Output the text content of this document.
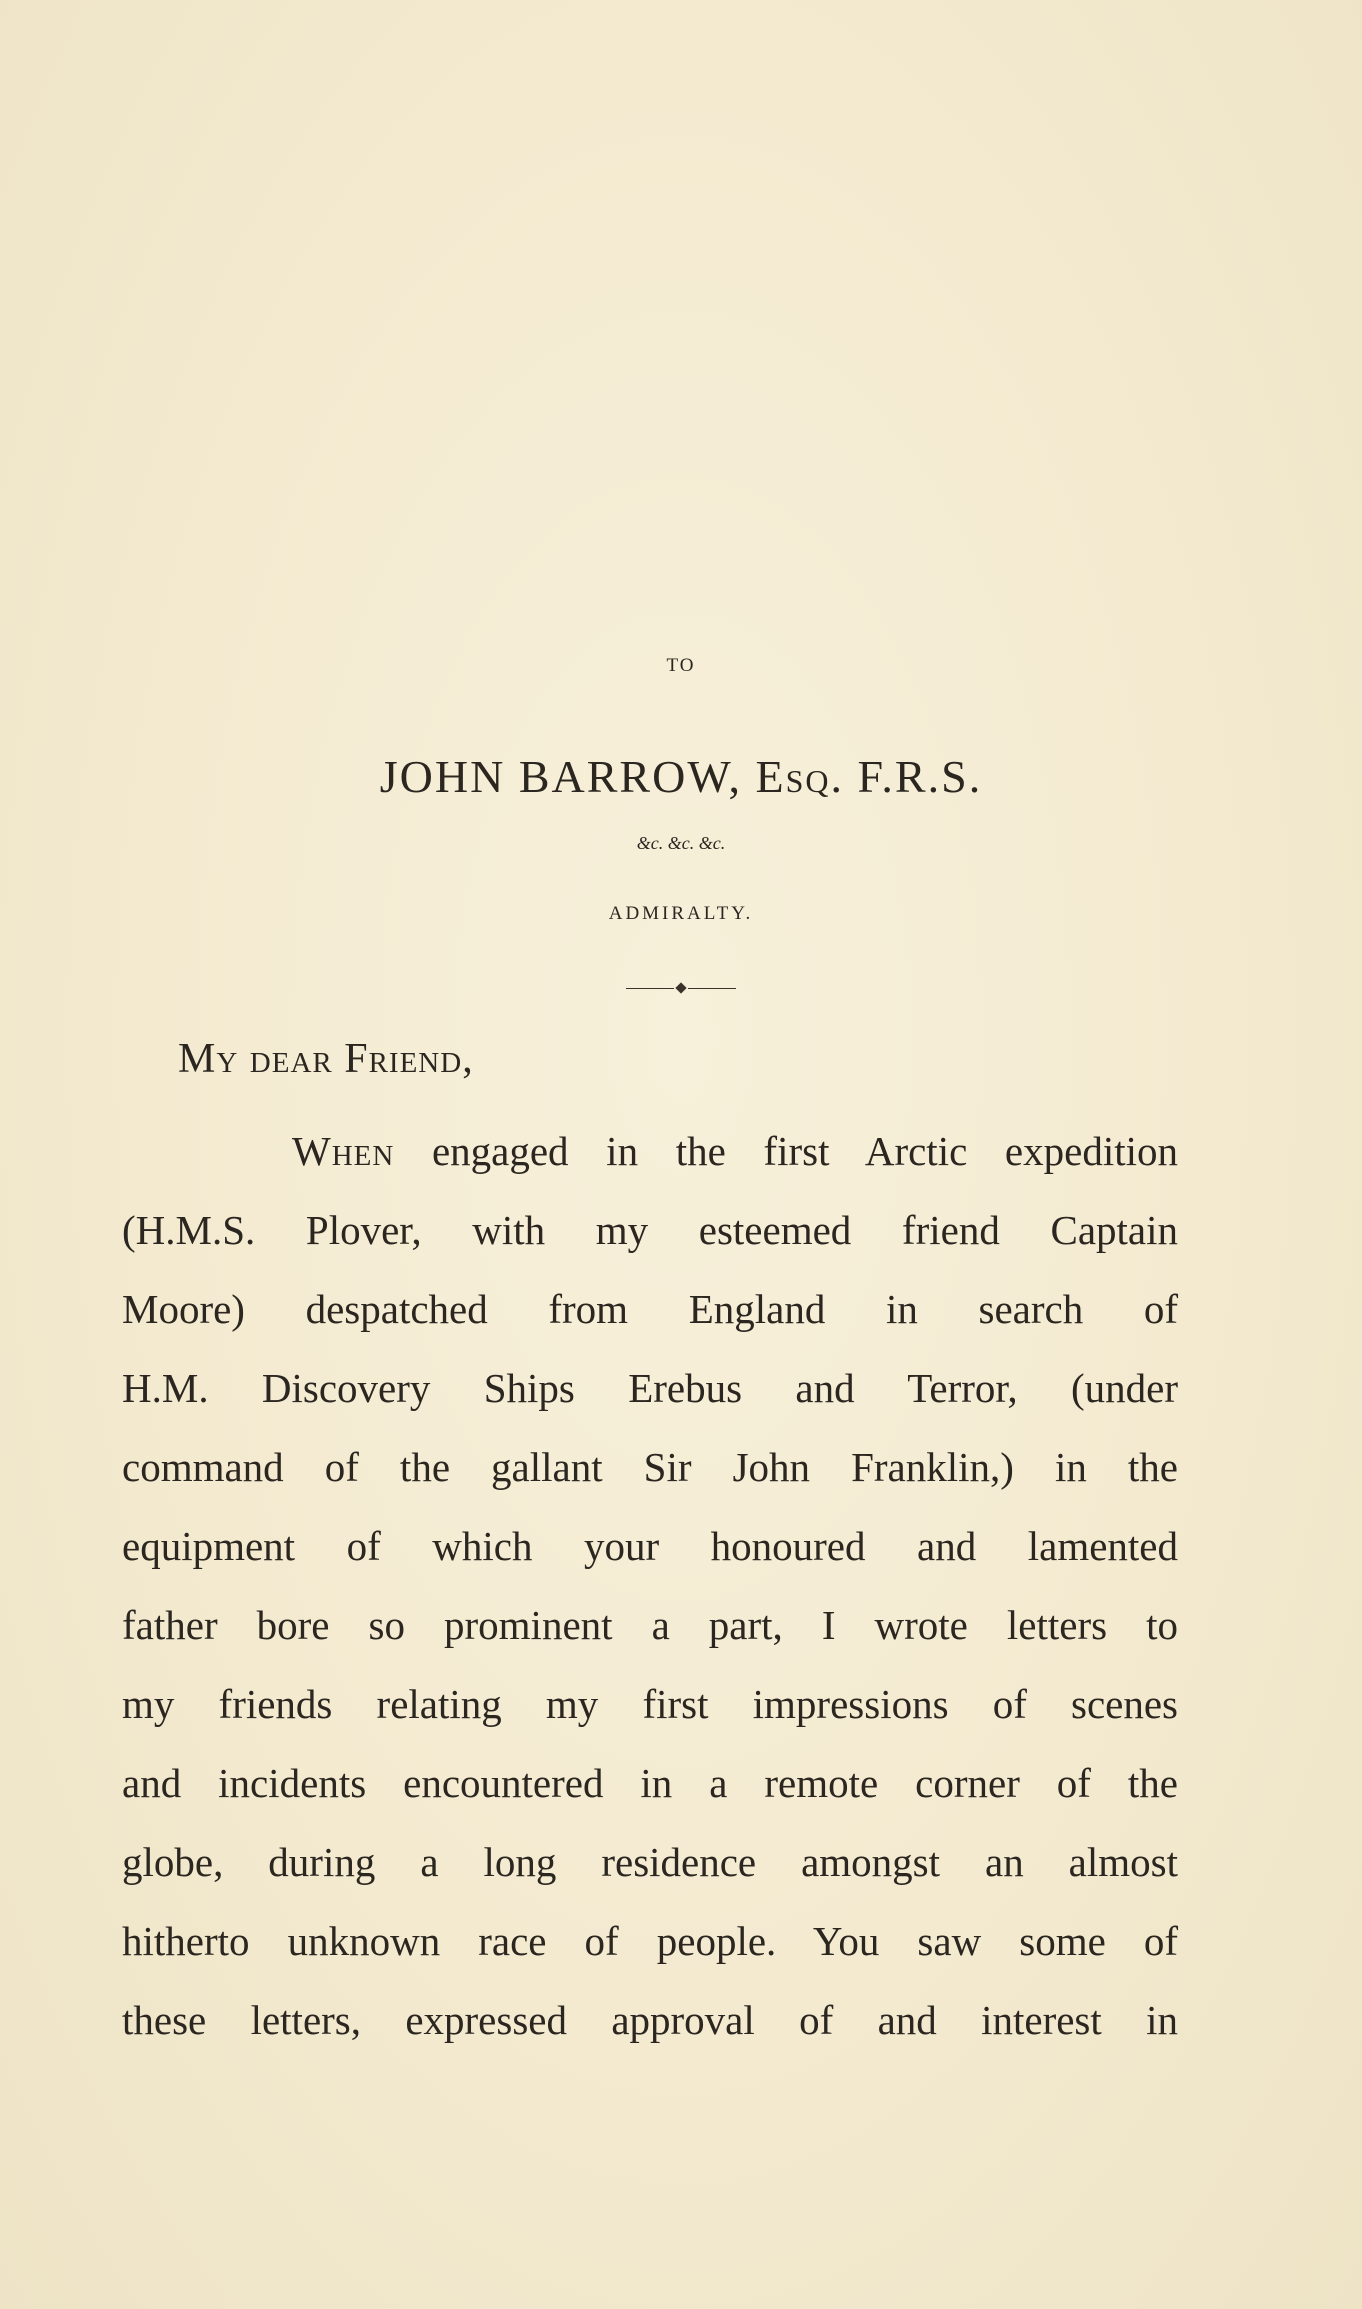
TO
JOHN BARROW, Esq. F.R.S.
&c. &c. &c.
ADMIRALTY.
My dear Friend,
When engaged in the first Arctic expedition
(H.M.S. Plover, with my esteemed friend Captain
Moore) despatched from England in search of
H.M. Discovery Ships Erebus and Terror, (under
command of the gallant Sir John Franklin,) in the
equipment of which your honoured and lamented
father bore so prominent a part, I wrote letters to
my friends relating my first impressions of scenes
and incidents encountered in a remote corner of the
globe, during a long residence amongst an almost
hitherto unknown race of people. You saw some of
these letters, expressed approval of and interest in
